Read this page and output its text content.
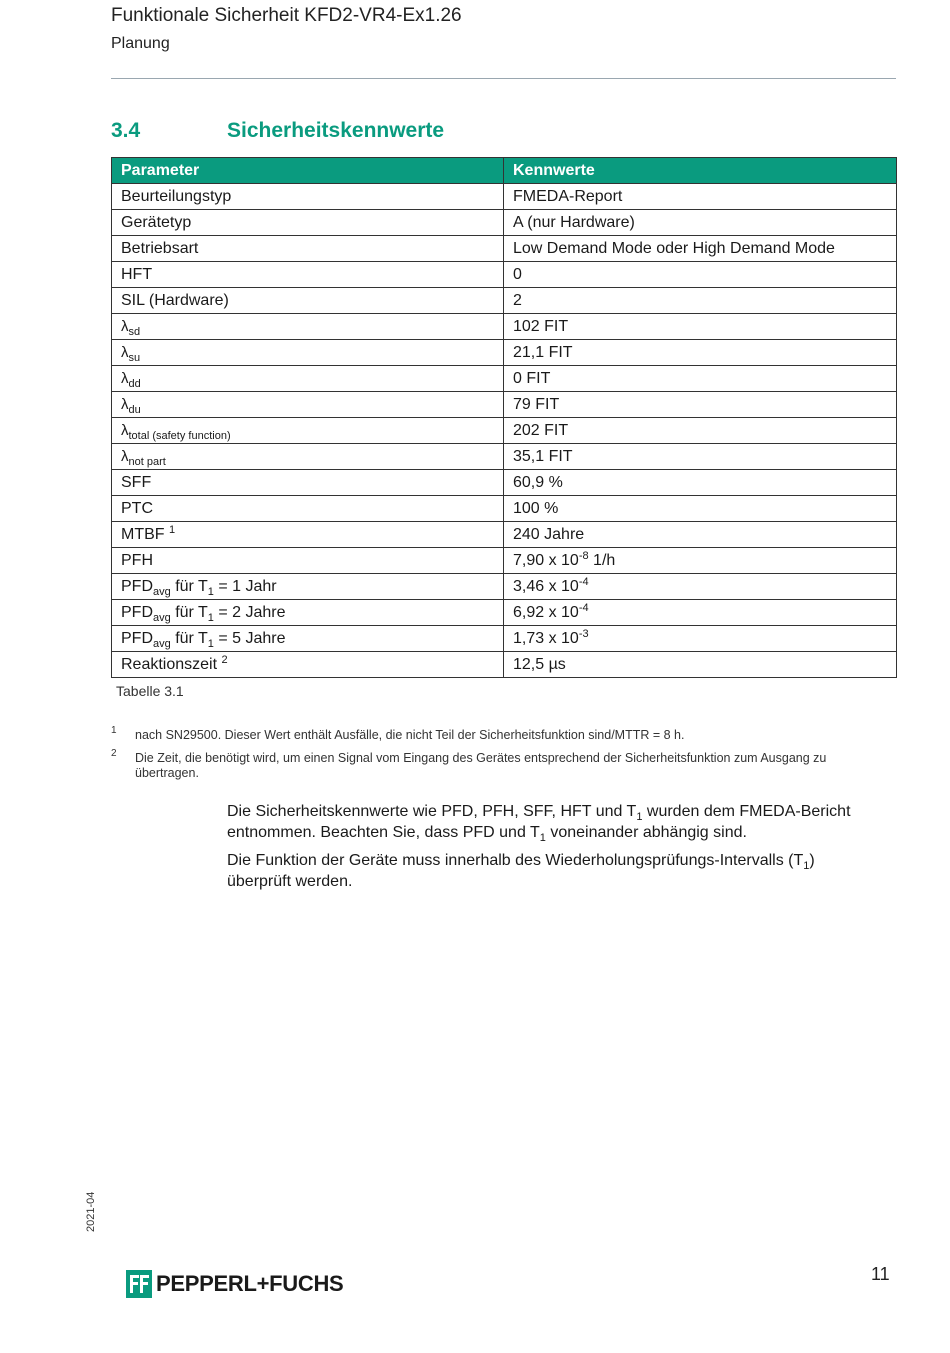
Funktionale Sicherheit KFD2-VR4-Ex1.26
Planung
3.4	Sicherheitskennwerte
Parameter	Kennwerte
Beurteilungstyp	FMEDA-Report
Gerätetyp	A (nur Hardware)
Betriebsart	Low Demand Mode oder High Demand Mode
HFT	0
SIL (Hardware)	2
$\lambda_{sd}$	102 FIT
$\lambda_{su}$	21,1 FIT
$\lambda_{dd}$	0 FIT
$\lambda_{du}$	79 FIT
$\lambda_{total (safety function)}$	202 FIT
$\lambda_{not part}$	35,1 FIT
SFF	60,9 %
PTC	100 %
MTBF $^1$	240 Jahre
PFH	7,90 x $10^{-8}$ 1/h
$PFD_{avg}$ für $T_1 = 1$ Jahr	3,46 x $10^{-4}$
$PFD_{avg}$ für $T_1 = 2$ Jahre	6,92 x $10^{-4}$
$PFD_{avg}$ für $T_1 = 5$ Jahre	1,73 x $10^{-3}$
Reaktionszeit $^2$	12,5 µs
Tabelle 3.1
1 nach SN29500. Dieser Wert enthält Ausfälle, die nicht Teil der Sicherheitsfunktion sind/MTTR = 8 h.
2 Die Zeit, die benötigt wird, um einen Signal vom Eingang des Gerätes entsprechend der Sicherheitsfunktion zum Ausgang zu übertragen.
Die Sicherheitskennwerte wie PFD, PFH, SFF, HFT und $T_1$ wurden dem FMEDA-Bericht entnommen. Beachten Sie, dass PFD und $T_1$ voneinander abhängig sind.
Die Funktion der Geräte muss innerhalb des Wiederholungsprüfungs-Intervalls $(T_1)$ überprüft werden.
2021-04
PEPPERL+FUCHS	11
